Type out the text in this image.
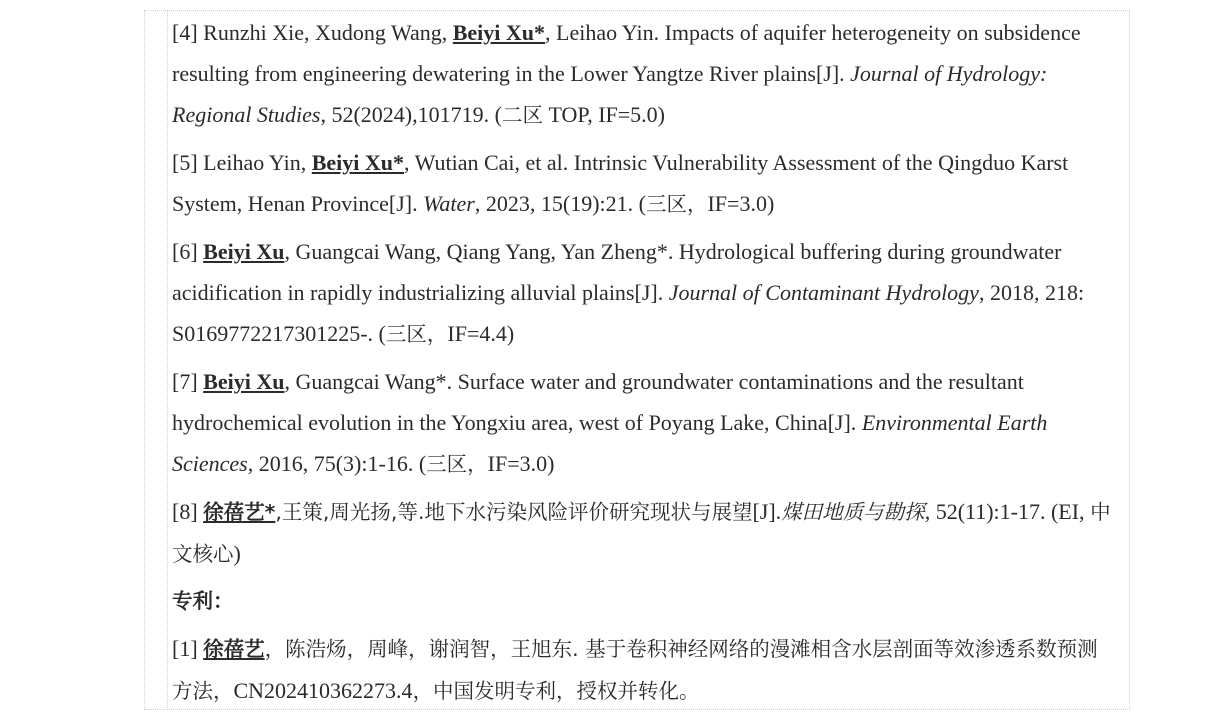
[4] Runzhi Xie, Xudong Wang, Beiyi Xu*, Leihao Yin. Impacts of aquifer heterogeneity on subsidence resulting from engineering dewatering in the Lower Yangtze River plains[J]. Journal of Hydrology: Regional Studies, 52(2024),101719. (二区 TOP, IF=5.0)

[5] Leihao Yin, Beiyi Xu*, Wutian Cai, et al. Intrinsic Vulnerability Assessment of the Qingduo Karst System, Henan Province[J]. Water, 2023, 15(19):21. (三区，IF=3.0)

[6] Beiyi Xu, Guangcai Wang, Qiang Yang, Yan Zheng*. Hydrological buffering during groundwater acidification in rapidly industrializing alluvial plains[J]. Journal of Contaminant Hydrology, 2018, 218: S0169772217301225-. (三区，IF=4.4)

[7] Beiyi Xu, Guangcai Wang*. Surface water and groundwater contaminations and the resultant hydrochemical evolution in the Yongxiu area, west of Poyang Lake, China[J]. Environmental Earth Sciences, 2016, 75(3):1-16. (三区，IF=3.0)

[8] 徐蓓艺*,王策,周光扬,等.地下水污染风险评价研究现状与展望[J].煤田地质与勘探, 52(11):1-17. (EI, 中文核心)

专利：

[1] 徐蓓艺，陈浩炀，周峰，谢润智，王旭东. 基于卷积神经网络的漫滩相含水层剖面等效渗透系数预测方法，CN202410362273.4，中国发明专利，授权并转化。
